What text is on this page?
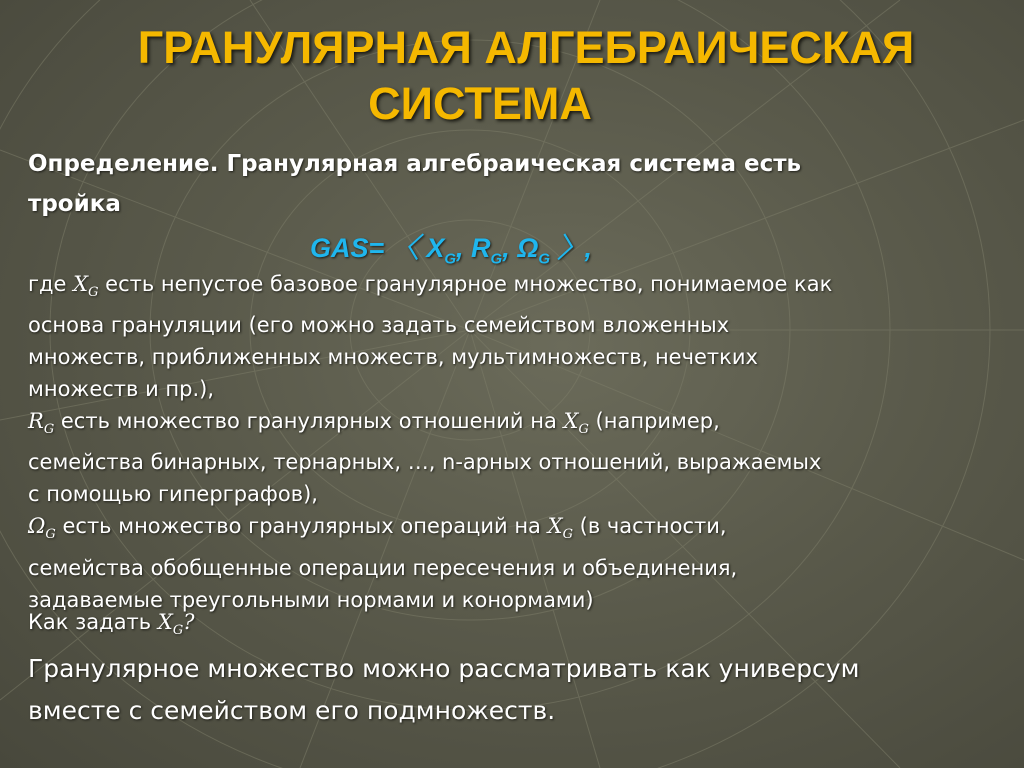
ГРАНУЛЯРНАЯ АЛГЕБРАИЧЕСКАЯ
СИСТЕМА
Определение. Гранулярная алгебраическая система есть
тройка
GAS= 〈 $X_G$, $R_G$, $\Omega_G$ 〉,

где $X_G$ есть непустое базовое гранулярное множество, понимаемое как
основа грануляции (его можно задать семейством вложенных
множеств, приближенных множеств, мультимножеств, нечетких
множеств и пр.),

$R_G$ есть множество гранулярных отношений на $X_G$ (например,
семейства бинарных, тернарных, …, n-арных отношений, выражаемых
с помощью гиперграфов),

$\Omega_G$ есть множество гранулярных операций на $X_G$ (в частности,
семейства обобщенные операции пересечения и объединения,
задаваемые треугольными нормами и конормами)

Как задать $X_G$?
Гранулярное множество можно рассматривать как универсум
вместе с семейством его подмножеств.
